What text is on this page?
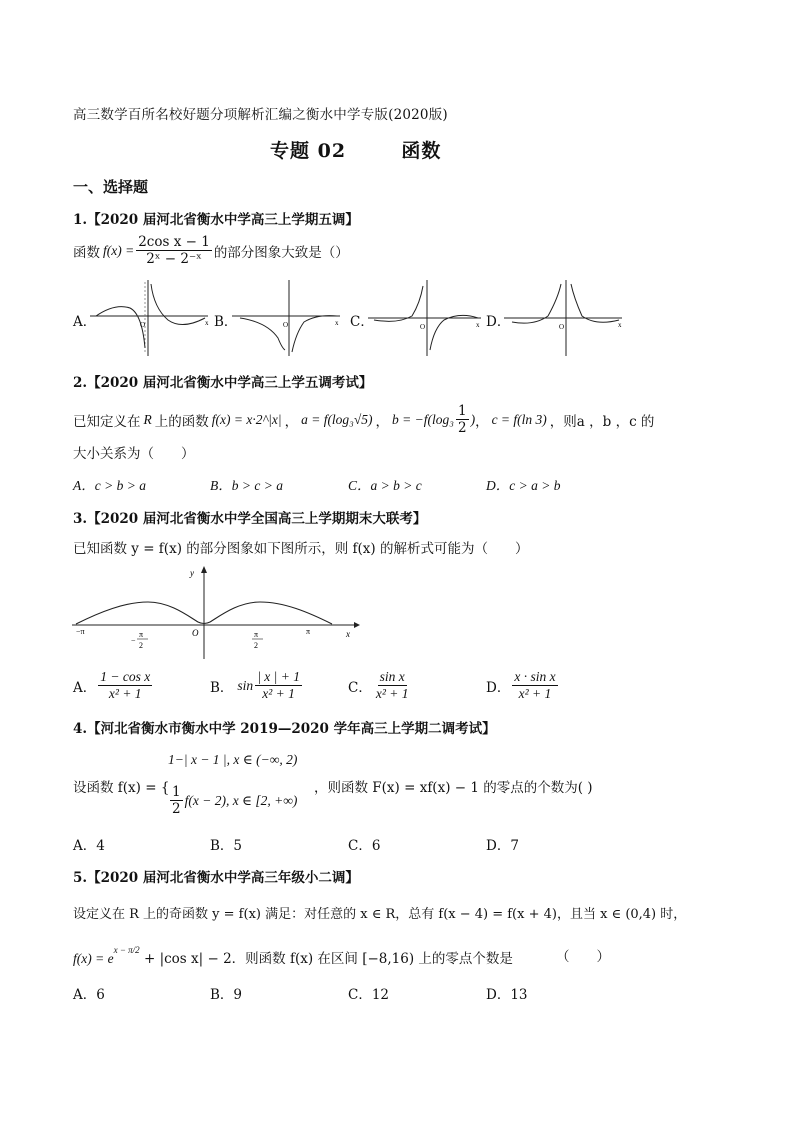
高三数学百所名校好题分项解析汇编之衡水中学专版(2020版)
专题 02	函数
一、选择题
1.【2020 届河北省衡水中学高三上学期五调】
函数 $f(x) = \frac{\text{2cos x − 1}}{\text{2ˣ − 2⁻ˣ}}$ 的部分图象大致是（）
A．	O	x B．	O	x C．	O	x D．	O	x
2.【2020 届河北省衡水中学高三上学五调考试】
已知定义在 R 上的函数 f(x) = x·2^|x| ， a = f(log₃√5) ， $b = -f(\log_3 \frac{1}{2}$ ) ， c = f(ln 3) ，则a ，b ，c 的
大小关系为（　　）
A．c > b > a	B．b > c > a	C．a > b > c	D．c > a > b
3.【2020 届河北省衡水中学全国高三上学期期末大联考】
已知函数 y = f(x) 的部分图象如下图所示，则 f(x) 的解析式可能为（　　）
y
x
O
−π	π
−
π
2
π
2
A． $\frac{\text{1 − cos x}}{\text{x² + 1}}$	B． $\sin \frac{| x | + 1}{\text{x² + 1}}$	C． $\frac{\text{sin x}}{\text{x² + 1}}$	D． $\frac{\text{x · sin x}}{\text{x² + 1}}$
4.【河北省衡水市衡水中学 2019—2020 学年高三上学期二调考试】
设函数 f(x) = {
1−| x − 1 |, x ∈ (−∞, 2)
$\frac{1}{2} f(x - 2)$, x ∈ [2, +∞)
，则函数 F(x) = xf(x) − 1 的零点的个数为( )
A．4	B．5	C．6	D．7
5.【2020 届河北省衡水中学高三年级小二调】
设定义在 R 上的奇函数 y = f(x) 满足：对任意的 x ∈ R，总有 f(x − 4) = f(x + 4)，且当 x ∈ (0,4) 时，
$f(x) = e^{x - \pi/2} + |\cos$ x| − 2．则函数 f(x) 在区间 [−8,16) 上的零点个数是	（　　）
A．6	B．9	C．12	D．13
